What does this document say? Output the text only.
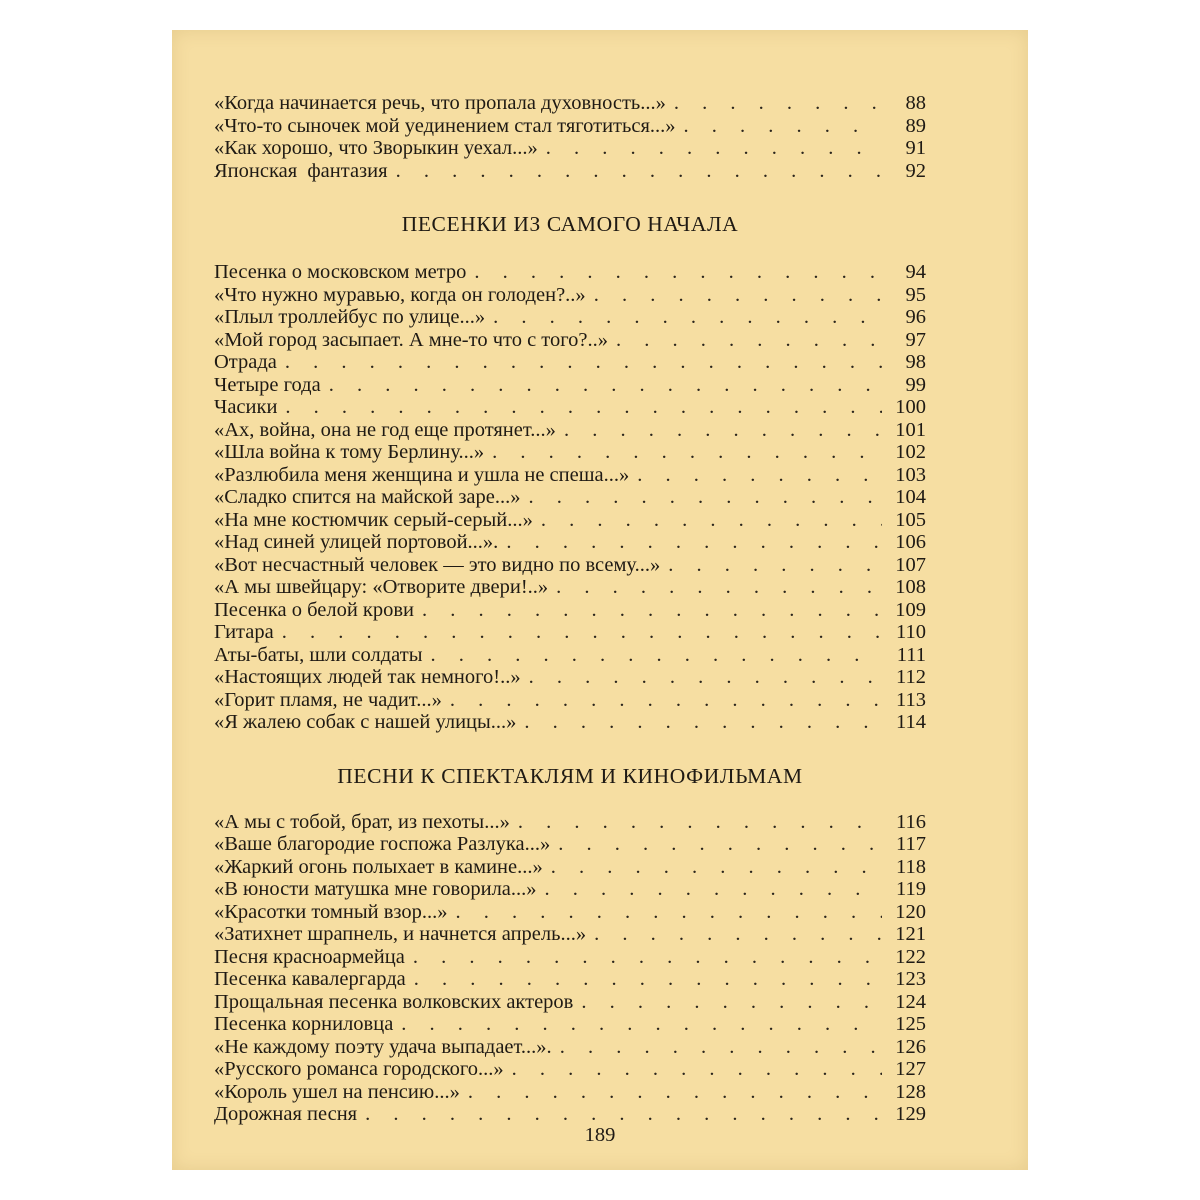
«Когда начинается речь, что пропала духовность...» . . .	88
«Что-то сыночек мой уединением стал тяготиться...» . . .	89
«Как хорошо, что Зворыкин уехал...» . . .	91
Японская  фантазия . . .	92
ПЕСЕНКИ ИЗ САМОГО НАЧАЛА
Песенка о московском метро . . .	94
«Что нужно муравью, когда он голоден?..» . . .	95
«Плыл троллейбус по улице...» . . .	96
«Мой город засыпает. А мне-то что с того?..» . . .	97
Отрада . . .	98
Четыре года . . .	99
Часики . . .	100
«Ах, война, она не год еще протянет...» . . .	101
«Шла война к тому Берлину...» . . .	102
«Разлюбила меня женщина и ушла не спеша...» . . .	103
«Сладко спится на майской заре...» . . .	104
«На мне костюмчик серый-серый...» . . .	105
«Над синей улицей портовой...». . . .	106
«Вот несчастный человек — это видно по всему...» . . .	107
«А мы швейцару: «Отворите двери!..» . . .	108
Песенка о белой крови . . .	109
Гитара . . .	110
Аты-баты, шли солдаты . . .	111
«Настоящих людей так немного!..» . . .	112
«Горит пламя, не чадит...» . . .	113
«Я жалею собак с нашей улицы...» . . .	114
ПЕСНИ К СПЕКТАКЛЯМ И КИНОФИЛЬМАМ
«А мы с тобой, брат, из пехоты...» . . .	116
«Ваше благородие госпожа Разлука...» . . .	117
«Жаркий огонь полыхает в камине...» . . .	118
«В юности матушка мне говорила...» . . .	119
«Красотки томный взор...» . . .	120
«Затихнет шрапнель, и начнется апрель...» . . .	121
Песня красноармейца . . .	122
Песенка кавалергарда . . .	123
Прощальная песенка волковских актеров . . .	124
Песенка корниловца . . .	125
«Не каждому поэту удача выпадает...». . . .	126
«Русского романса городского...» . . .	127
«Король ушел на пенсию...» . . .	128
Дорожная песня . . .	129
189
